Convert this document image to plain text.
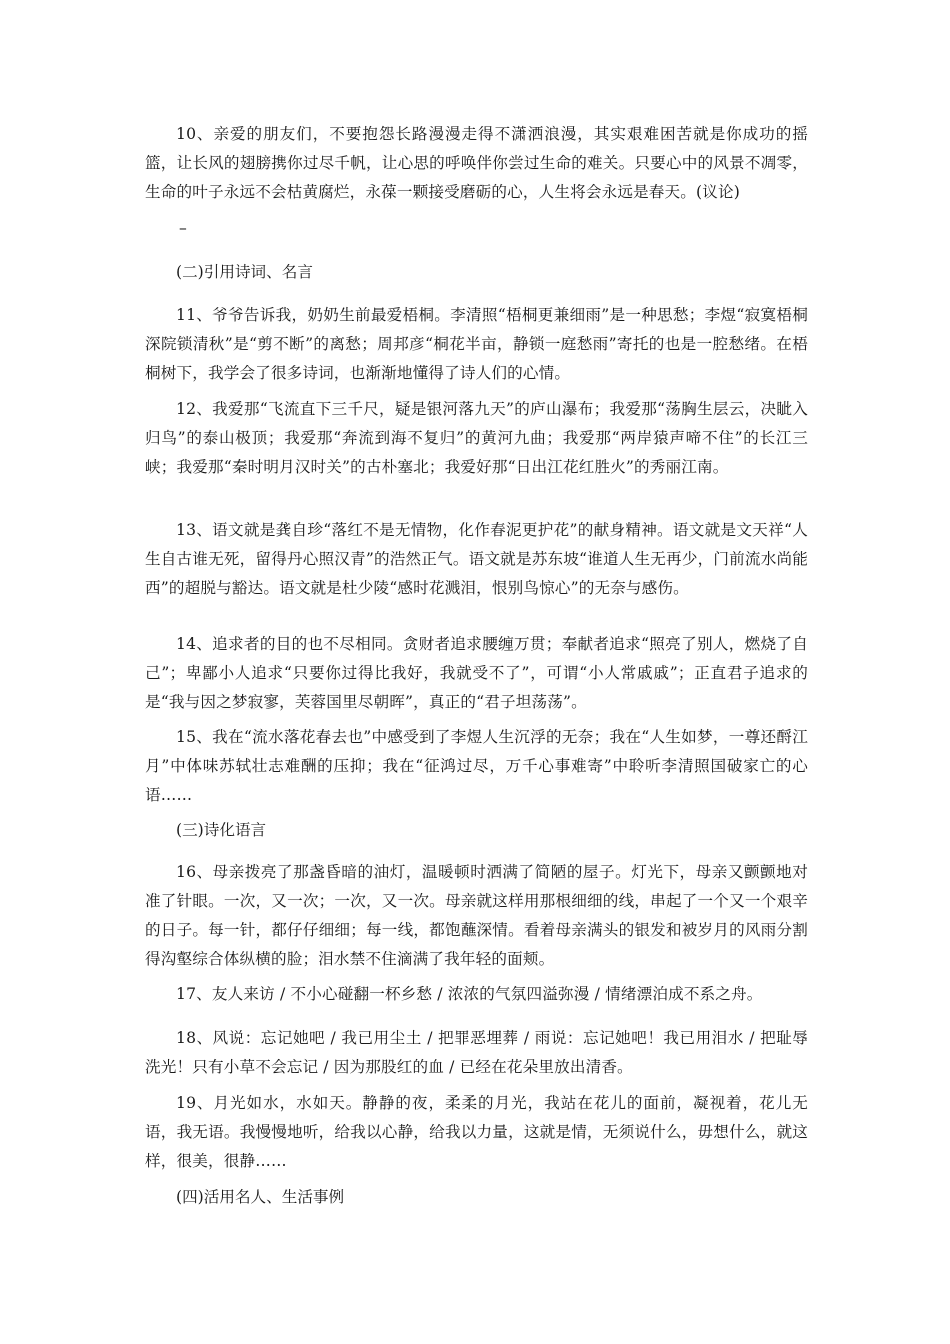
10、亲爱的朋友们，不要抱怨长路漫漫走得不潇洒浪漫，其实艰难困苦就是你成功的摇篮，让长风的翅膀携你过尽千帆，让心思的呼唤伴你尝过生命的难关。只要心中的风景不凋零，生命的叶子永远不会枯黄腐烂，永葆一颗接受磨砺的心，人生将会永远是春天。(议论)

–

(二)引用诗词、名言

11、爷爷告诉我，奶奶生前最爱梧桐。李清照“梧桐更兼细雨”是一种思愁；李煜“寂寞梧桐深院锁清秋”是“剪不断”的离愁；周邦彦“桐花半亩，静锁一庭愁雨”寄托的也是一腔愁绪。在梧桐树下，我学会了很多诗词，也渐渐地懂得了诗人们的心情。

12、我爱那“飞流直下三千尺，疑是银河落九天”的庐山瀑布；我爱那“荡胸生层云，决眦入归鸟”的泰山极顶；我爱那“奔流到海不复归”的黄河九曲；我爱那“两岸猿声啼不住”的长江三峡；我爱那“秦时明月汉时关”的古朴塞北；我爱好那“日出江花红胜火”的秀丽江南。

13、语文就是龚自珍“落红不是无情物，化作春泥更护花”的献身精神。语文就是文天祥“人生自古谁无死，留得丹心照汉青”的浩然正气。语文就是苏东坡“谁道人生无再少，门前流水尚能西”的超脱与豁达。语文就是杜少陵“感时花溅泪，恨别鸟惊心”的无奈与感伤。

14、追求者的目的也不尽相同。贪财者追求腰缠万贯；奉献者追求“照亮了别人，燃烧了自己”；卑鄙小人追求“只要你过得比我好，我就受不了”，可谓“小人常戚戚”；正直君子追求的是“我与因之梦寂寥，芙蓉国里尽朝晖”，真正的“君子坦荡荡”。

15、我在“流水落花春去也”中感受到了李煜人生沉浮的无奈；我在“人生如梦，一尊还酹江月”中体味苏轼壮志难酬的压抑；我在“征鸿过尽，万千心事难寄”中聆听李清照国破家亡的心语……

(三)诗化语言

16、母亲拨亮了那盏昏暗的油灯，温暖顿时洒满了简陋的屋子。灯光下，母亲又颤颤地对准了针眼。一次，又一次；一次，又一次。母亲就这样用那根细细的线，串起了一个又一个艰辛的日子。每一针，都仔仔细细；每一线，都饱蘸深情。看着母亲满头的银发和被岁月的风雨分割得沟壑综合体纵横的脸；泪水禁不住滴满了我年轻的面颊。

17、友人来访 / 不小心碰翻一杯乡愁 / 浓浓的气氛四溢弥漫 / 情绪漂泊成不系之舟。

18、风说：忘记她吧 / 我已用尘土 / 把罪恶埋葬 / 雨说：忘记她吧！我已用泪水 / 把耻辱洗光！只有小草不会忘记 / 因为那股红的血 / 已经在花朵里放出清香。

19、月光如水，水如天。静静的夜，柔柔的月光，我站在花儿的面前，凝视着，花儿无语，我无语。我慢慢地听，给我以心静，给我以力量，这就是情，无须说什么，毋想什么，就这样，很美，很静……

(四)活用名人、生活事例
